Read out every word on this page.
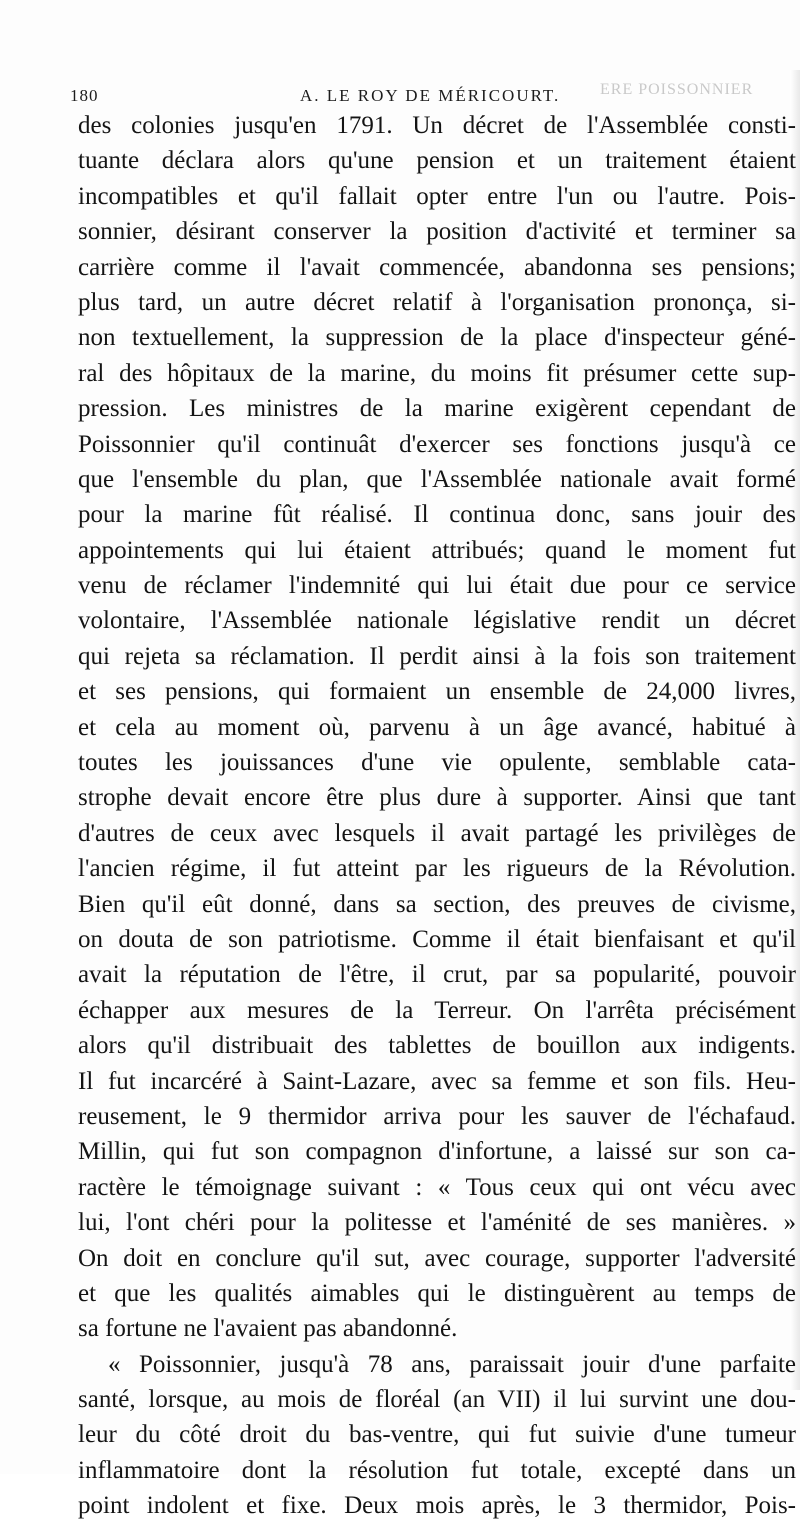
ERE POISSONNIER
180	A. LE ROY DE MÉRICOURT.
des colonies jusqu'en 1791. Un décret de l'Assemblée consti-
tuante déclara alors qu'une pension et un traitement étaient
incompatibles et qu'il fallait opter entre l'un ou l'autre. Pois-
sonnier, désirant conserver la position d'activité et terminer sa
carrière comme il l'avait commencée, abandonna ses pensions;
plus tard, un autre décret relatif à l'organisation prononça, si-
non textuellement, la suppression de la place d'inspecteur géné-
ral des hôpitaux de la marine, du moins fit présumer cette sup-
pression. Les ministres de la marine exigèrent cependant de
Poissonnier qu'il continuât d'exercer ses fonctions jusqu'à ce
que l'ensemble du plan, que l'Assemblée nationale avait formé
pour la marine fût réalisé. Il continua donc, sans jouir des
appointements qui lui étaient attribués; quand le moment fut
venu de réclamer l'indemnité qui lui était due pour ce service
volontaire, l'Assemblée nationale législative rendit un décret
qui rejeta sa réclamation. Il perdit ainsi à la fois son traitement
et ses pensions, qui formaient un ensemble de 24,000 livres,
et cela au moment où, parvenu à un âge avancé, habitué à
toutes les jouissances d'une vie opulente, semblable cata-
strophe devait encore être plus dure à supporter. Ainsi que tant
d'autres de ceux avec lesquels il avait partagé les privilèges de
l'ancien régime, il fut atteint par les rigueurs de la Révolution.
Bien qu'il eût donné, dans sa section, des preuves de civisme,
on douta de son patriotisme. Comme il était bienfaisant et qu'il
avait la réputation de l'être, il crut, par sa popularité, pouvoir
échapper aux mesures de la Terreur. On l'arrêta précisément
alors qu'il distribuait des tablettes de bouillon aux indigents.
Il fut incarcéré à Saint-Lazare, avec sa femme et son fils. Heu-
reusement, le 9 thermidor arriva pour les sauver de l'échafaud.
Millin, qui fut son compagnon d'infortune, a laissé sur son ca-
ractère le témoignage suivant : « Tous ceux qui ont vécu avec
lui, l'ont chéri pour la politesse et l'aménité de ses manières. »
On doit en conclure qu'il sut, avec courage, supporter l'adversité
et que les qualités aimables qui le distinguèrent au temps de
sa fortune ne l'avaient pas abandonné.
« Poissonnier, jusqu'à 78 ans, paraissait jouir d'une parfaite
santé, lorsque, au mois de floréal (an VII) il lui survint une dou-
leur du côté droit du bas-ventre, qui fut suivie d'une tumeur
inflammatoire dont la résolution fut totale, excepté dans un
point indolent et fixe. Deux mois après, le 3 thermidor, Pois-
